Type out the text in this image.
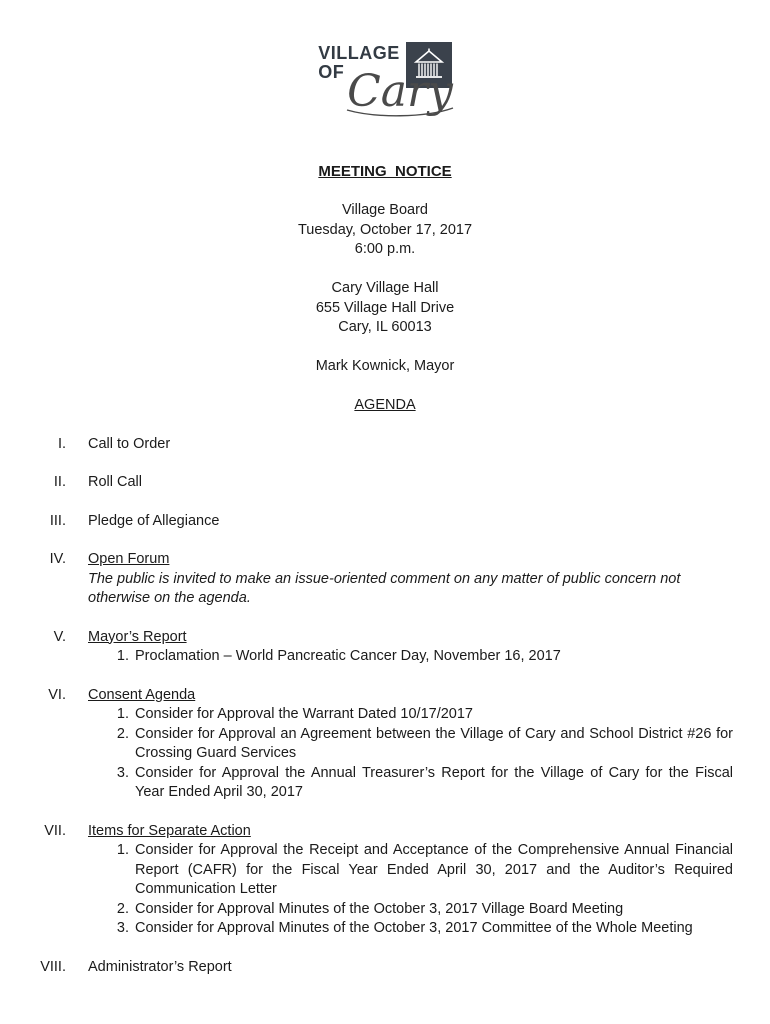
VILLAGE
OF Cary
MEETING  NOTICE
Village Board
Tuesday, October 17, 2017
6:00 p.m.
Cary Village Hall
655 Village Hall Drive
Cary, IL 60013
Mark Kownick, Mayor
AGENDA
I. Call to Order
II. Roll Call
III. Pledge of Allegiance
IV. Open Forum
The public is invited to make an issue-oriented comment on any matter of public concern not otherwise on the agenda.
V. Mayor’s Report
1. Proclamation – World Pancreatic Cancer Day, November 16, 2017
VI. Consent Agenda
1. Consider for Approval the Warrant Dated 10/17/2017
2. Consider for Approval an Agreement between the Village of Cary and School District #26 for Crossing Guard Services
3. Consider for Approval the Annual Treasurer’s Report for the Village of Cary for the Fiscal Year Ended April 30, 2017
VII. Items for Separate Action
1. Consider for Approval the Receipt and Acceptance of the Comprehensive Annual Financial Report (CAFR) for the Fiscal Year Ended April 30, 2017 and the Auditor’s Required Communication Letter
2. Consider for Approval Minutes of the October 3, 2017 Village Board Meeting
3. Consider for Approval Minutes of the October 3, 2017 Committee of the Whole Meeting
VIII. Administrator’s Report
